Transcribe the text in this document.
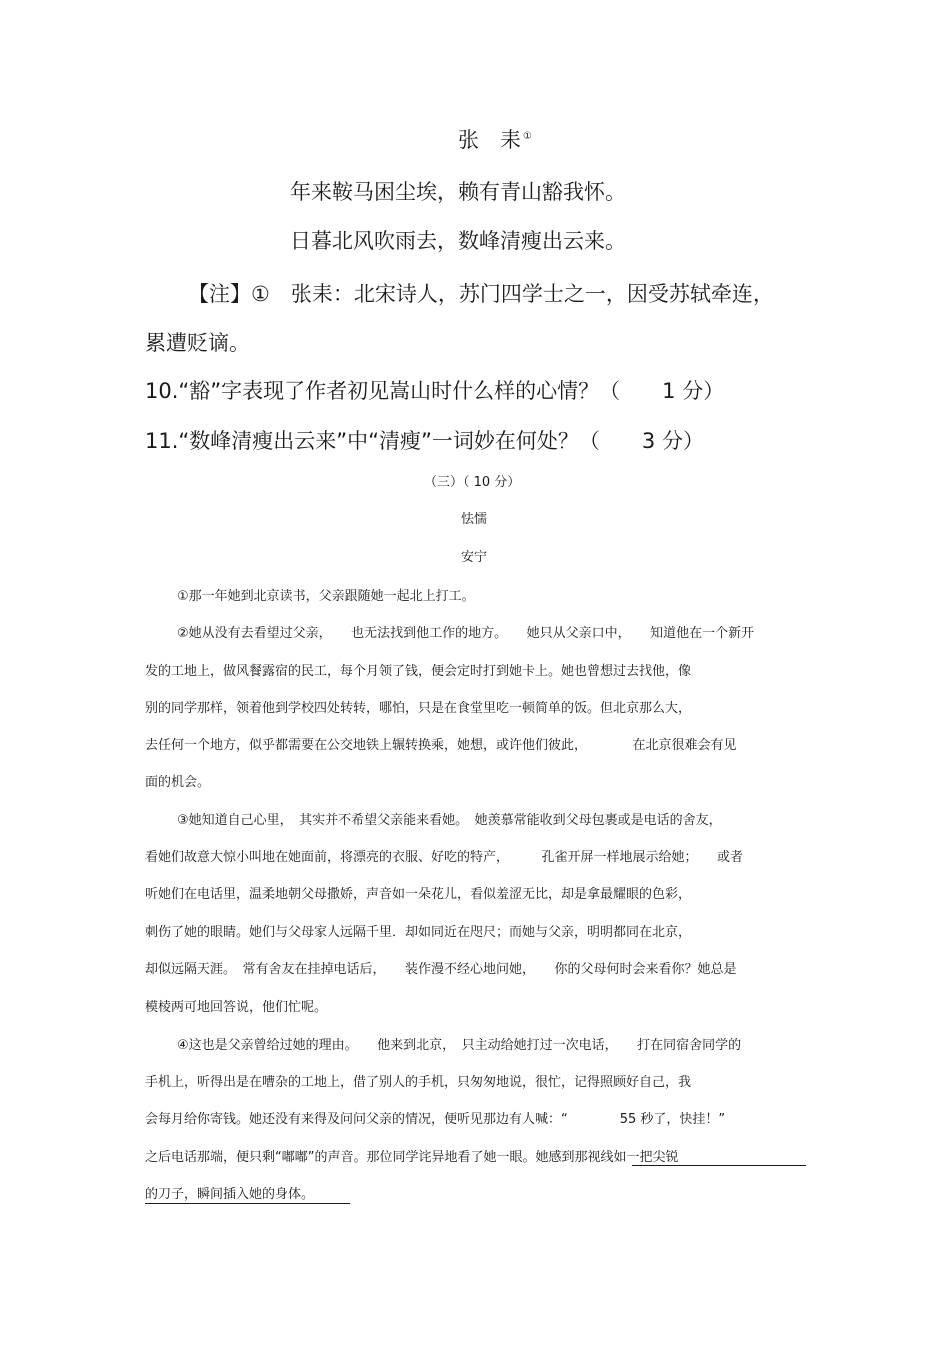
张　耒 ①
年来鞍马困尘埃，赖有青山豁我怀。
日暮北风吹雨去，数峰清瘦出云来。
【注】①　张耒：北宋诗人，苏门四学士之一，因受苏轼牵连，
累遭贬谪。
10.“豁”字表现了作者初见嵩山时什么样的心情？（　　1 分）
11.“数峰清瘦出云来”中“清瘦”一词妙在何处？（　　3 分）
（三）（ 10 分）
怯懦
安宁
①那一年她到北京读书，父亲跟随她一起北上打工。
②她从没有去看望过父亲，　　也无法找到他工作的地方。　　她只从父亲口中，　　知道他在一个新开
发的工地上，做风餐露宿的民工，每个月领了钱，便会定时打到她卡上。她也曾想过去找他，像
别的同学那样，领着他到学校四处转转，哪怕，只是在食堂里吃一顿简单的饭。但北京那么大，
去任何一个地方，似乎都需要在公交地铁上辗转换乘，她想，或许他们彼此，　　　　在北京很难会有见
面的机会。
③她知道自己心里，　其实并不希望父亲能来看她。　她羡慕常能收到父母包裹或是电话的舍友，
看她们故意大惊小叫地在她面前，将漂亮的衣服、好吃的特产，　　　孔雀开屏一样地展示给她；　　或者
听她们在电话里，温柔地朝父母撒娇，声音如一朵花儿，看似羞涩无比，却是拿最耀眼的色彩，
刺伤了她的眼睛。她们与父母家人远隔千里．却如同近在咫尺；而她与父亲，明明都同在北京，
却似远隔天涯。　常有舍友在挂掉电话后，　　装作漫不经心地问她，　　你的父母何时会来看你？她总是
模棱两可地回答说，他们忙呢。
④这也是父亲曾给过她的理由。　　他来到北京，　只主动给她打过一次电话，　　打在同宿舍同学的
手机上，听得出是在嘈杂的工地上，借了别人的手机，只匆匆地说，很忙，记得照顾好自己，我
会每月给你寄钱。她还没有来得及问问父亲的情况，便听见那边有人喊：“　　　　55 秒了，快挂！”
之后电话那端，便只剩“嘟嘟”的声音。那位同学诧异地看了她一眼。她感到那视线如一把尖锐
的刀子，瞬间插入她的身体。
